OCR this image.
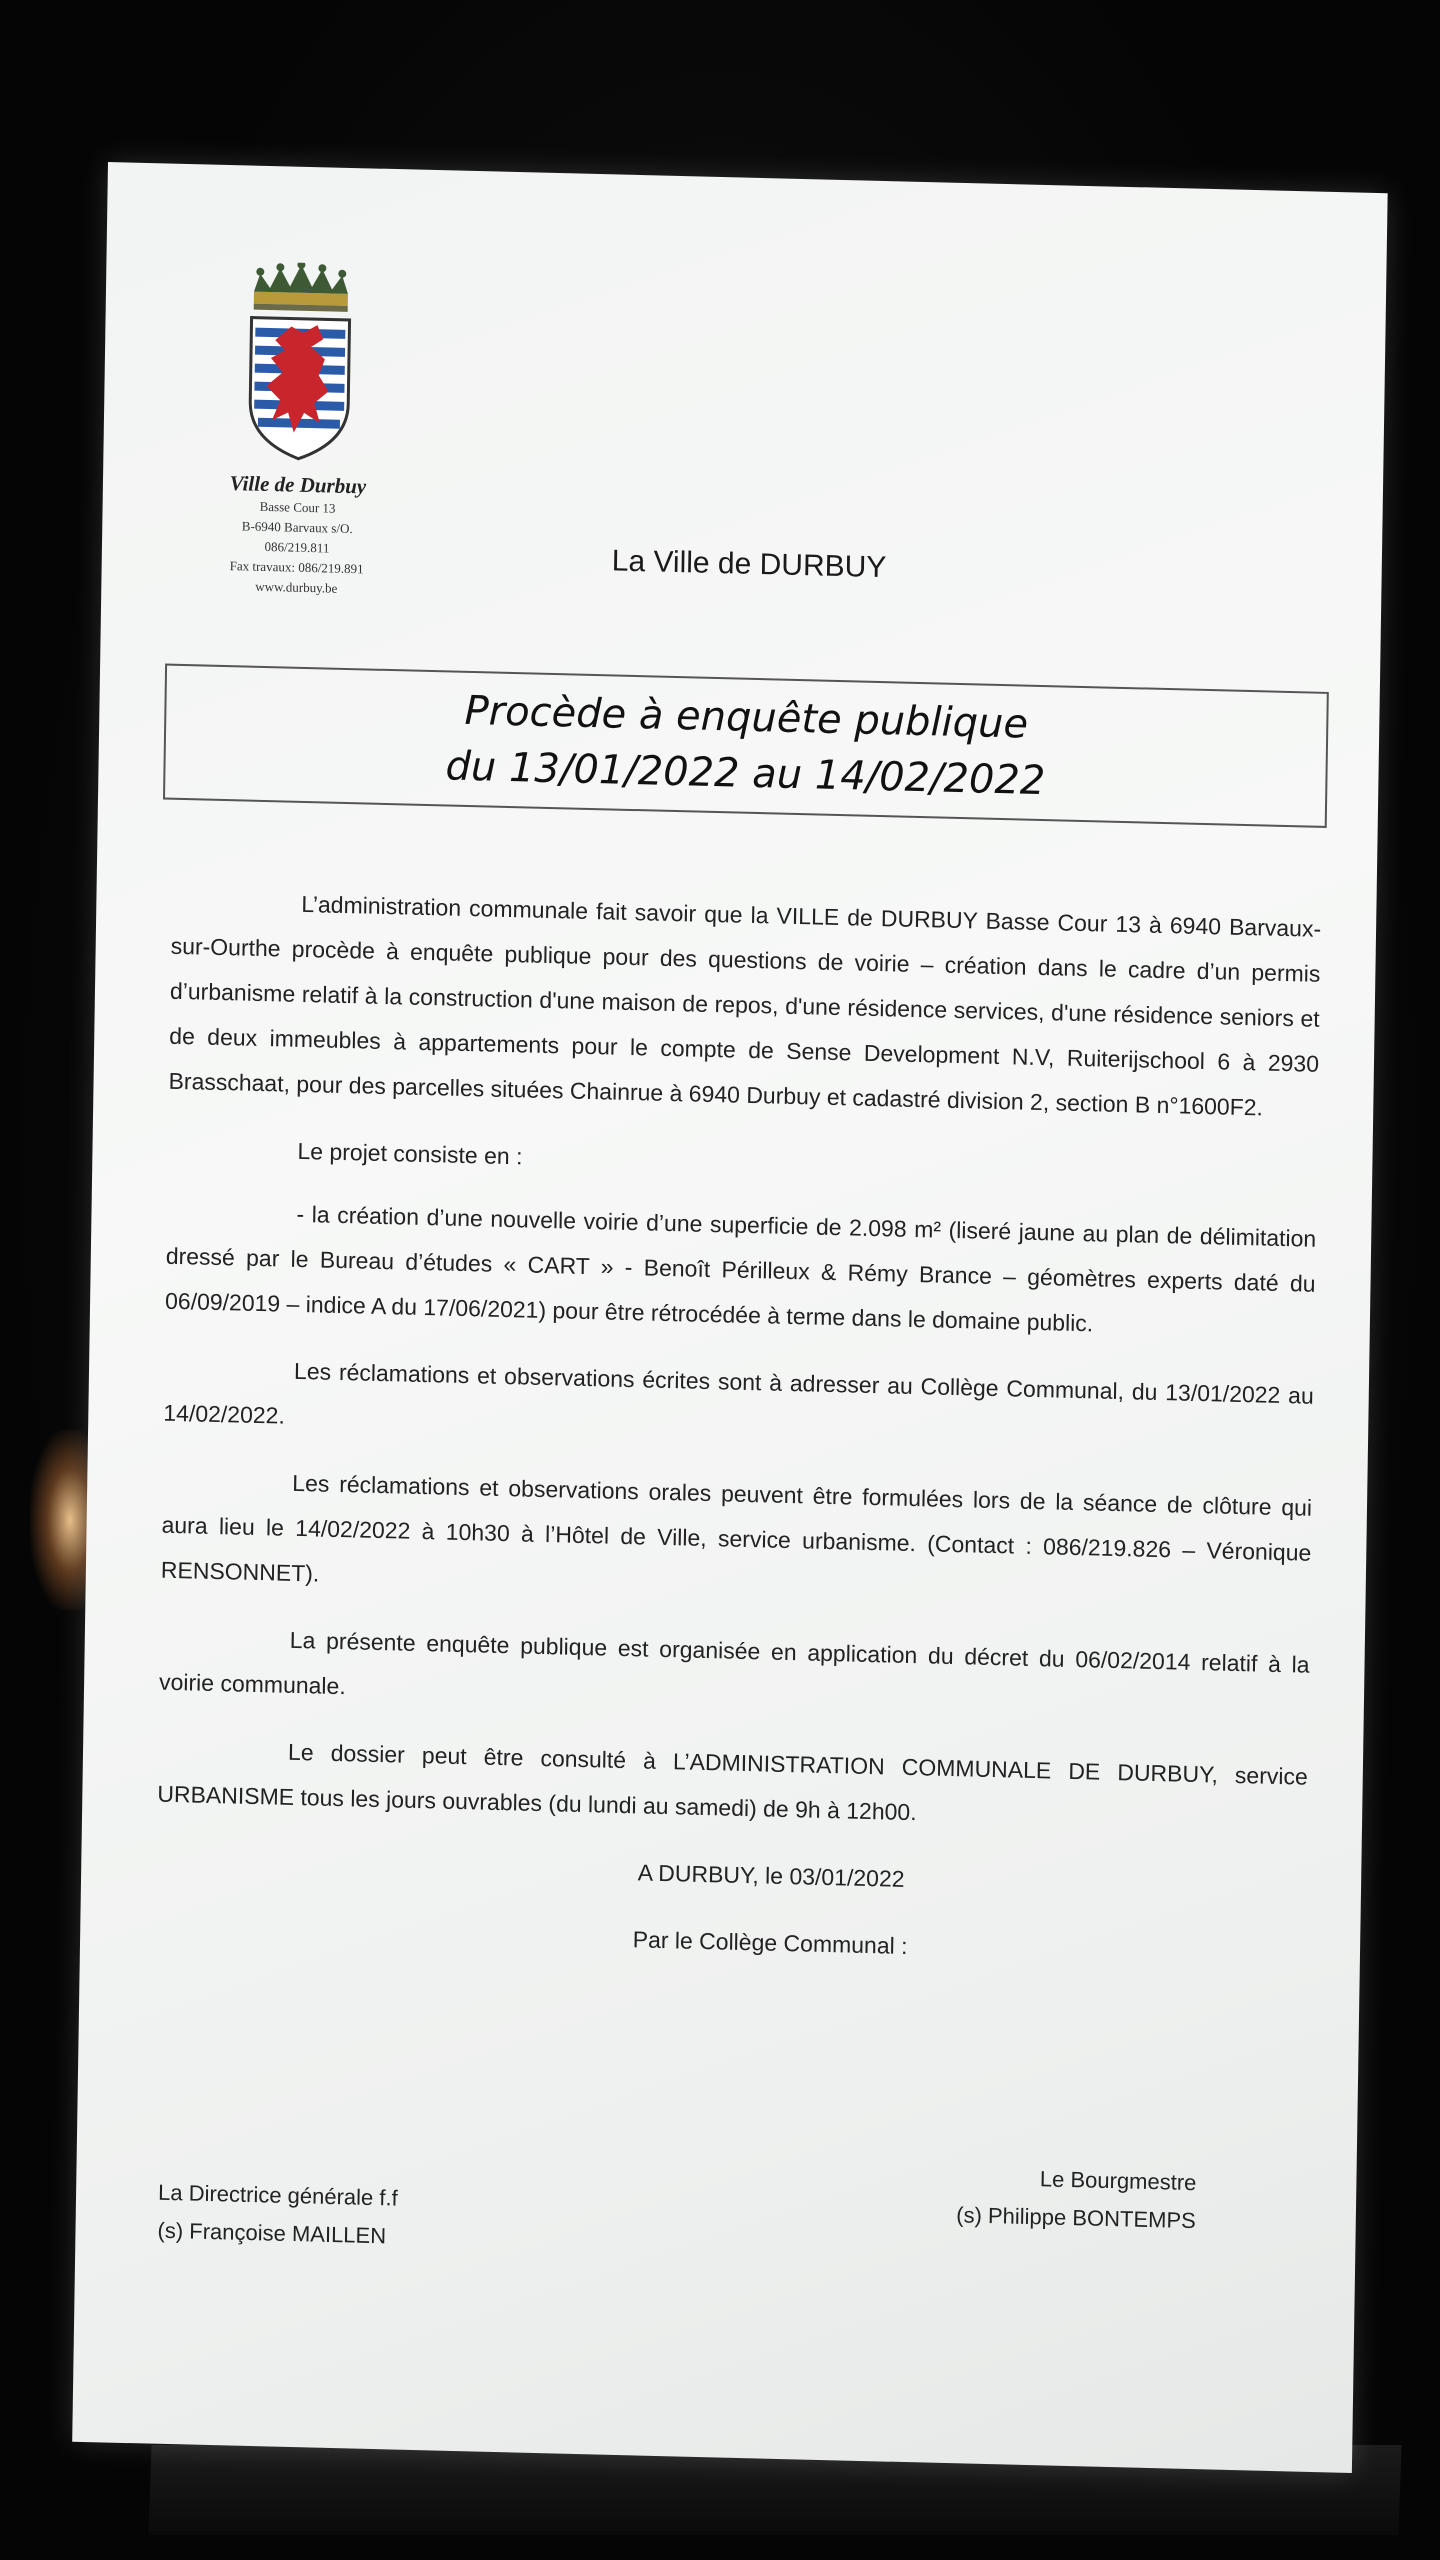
Ville de Durbuy
Basse Cour 13
B-6940 Barvaux s/O.
086/219.811
Fax travaux: 086/219.891
www.durbuy.be
La Ville de DURBUY
Procède à enquête publique
du 13/01/2022 au 14/02/2022

L’administration communale fait savoir que la VILLE de DURBUY Basse Cour 13 à 6940 Barvaux-sur-Ourthe procède à enquête publique pour des questions de voirie – création dans le cadre d’un permis d’urbanisme relatif à la construction d'une maison de repos, d'une résidence services, d'une résidence seniors et de deux immeubles à appartements pour le compte de Sense Development N.V, Ruiterijschool 6 à 2930 Brasschaat, pour des parcelles situées Chainrue à 6940 Durbuy et cadastré division 2, section B n°1600F2.

Le projet consiste en :

- la création d’une nouvelle voirie d’une superficie de 2.098 m² (liseré jaune au plan de délimitation dressé par le Bureau d’études « CART » - Benoît Périlleux & Rémy Brance – géomètres experts daté du 06/09/2019 – indice A du 17/06/2021) pour être rétrocédée à terme dans le domaine public.

Les réclamations et observations écrites sont à adresser au Collège Communal, du 13/01/2022 au 14/02/2022.

Les réclamations et observations orales peuvent être formulées lors de la séance de clôture qui aura lieu le 14/02/2022 à 10h30 à l’Hôtel de Ville, service urbanisme. (Contact : 086/219.826 – Véronique RENSONNET).

La présente enquête publique est organisée en application du décret du 06/02/2014 relatif à la voirie communale.

Le dossier peut être consulté à L’ADMINISTRATION COMMUNALE DE DURBUY, service URBANISME tous les jours ouvrables (du lundi au samedi) de 9h à 12h00.

A DURBUY, le 03/01/2022

Par le Collège Communal :

La Directrice générale f.f
(s) Françoise MAILLEN
Le Bourgmestre
(s) Philippe BONTEMPS
